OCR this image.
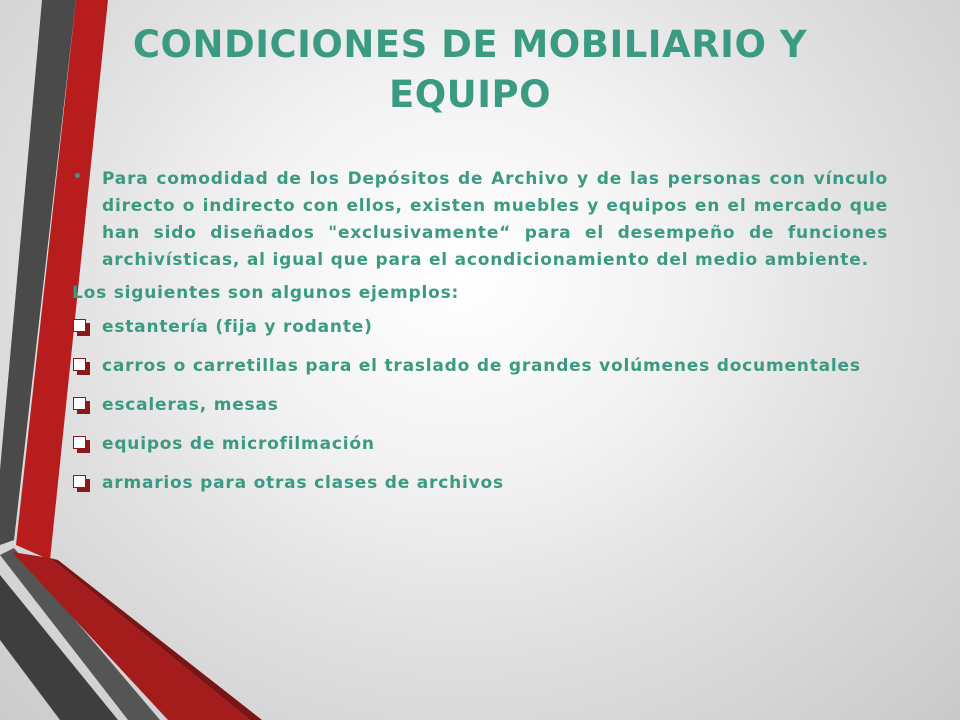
CONDICIONES DE MOBILIARIO Y EQUIPO

• Para comodidad de los Depósitos de Archivo y de las personas con vínculo directo o indirecto con ellos, existen muebles y equipos en el mercado que han sido diseñados "exclusivamente“ para el desempeño de funciones archivísticas, al igual que para el acondicionamiento del medio ambiente.

Los siguientes son algunos ejemplos:

estantería (fija y rodante)
carros o carretillas para el traslado de grandes volúmenes documentales
escaleras, mesas
equipos de microfilmación
armarios para otras clases de archivos
